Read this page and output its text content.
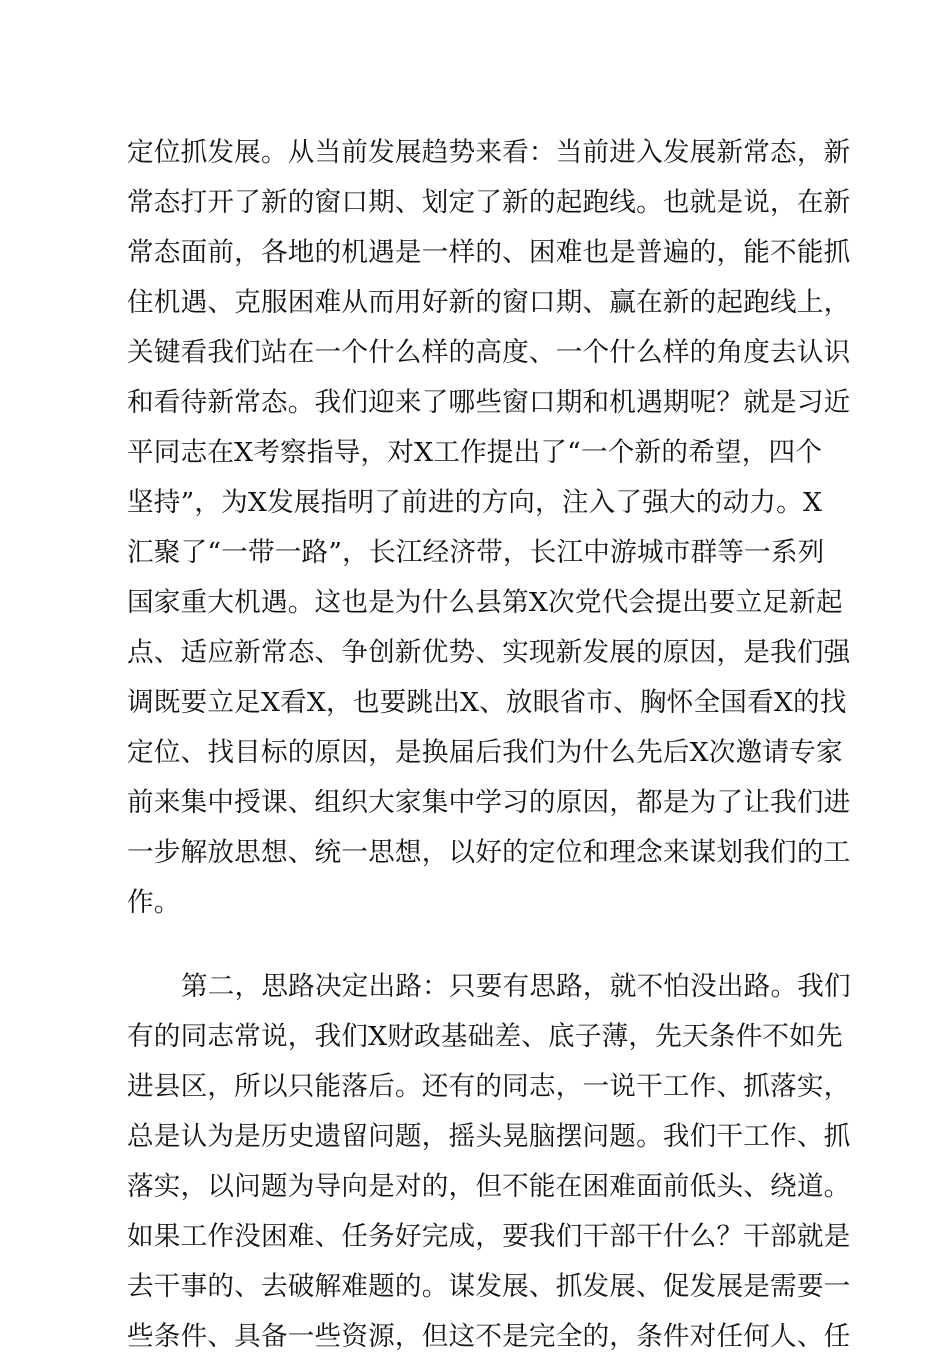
定位抓发展。从当前发展趋势来看：当前进入发展新常态，新
常态打开了新的窗口期、划定了新的起跑线。也就是说，在新
常态面前，各地的机遇是一样的、困难也是普遍的，能不能抓
住机遇、克服困难从而用好新的窗口期、赢在新的起跑线上，
关键看我们站在一个什么样的高度、一个什么样的角度去认识
和看待新常态。我们迎来了哪些窗口期和机遇期呢？就是习近
平同志在X考察指导，对X工作提出了“一个新的希望，四个
坚持”，为X发展指明了前进的方向，注入了强大的动力。X
汇聚了“一带一路”，长江经济带，长江中游城市群等一系列
国家重大机遇。这也是为什么县第X次党代会提出要立足新起
点、适应新常态、争创新优势、实现新发展的原因，是我们强
调既要立足X看X，也要跳出X、放眼省市、胸怀全国看X的找
定位、找目标的原因，是换届后我们为什么先后X次邀请专家
前来集中授课、组织大家集中学习的原因，都是为了让我们进
一步解放思想、统一思想，以好的定位和理念来谋划我们的工
作。
第二，思路决定出路：只要有思路，就不怕没出路。我们
有的同志常说，我们X财政基础差、底子薄，先天条件不如先
进县区，所以只能落后。还有的同志，一说干工作、抓落实，
总是认为是历史遗留问题，摇头晃脑摆问题。我们干工作、抓
落实，以问题为导向是对的，但不能在困难面前低头、绕道。
如果工作没困难、任务好完成，要我们干部干什么？干部就是
去干事的、去破解难题的。谋发展、抓发展、促发展是需要一
些条件、具备一些资源，但这不是完全的，条件对任何人、任
